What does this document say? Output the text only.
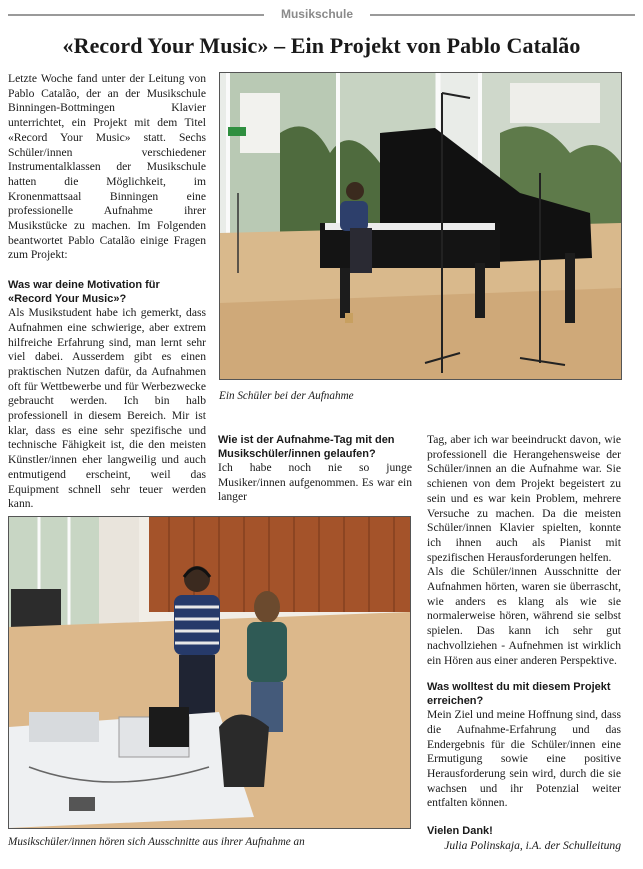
Musikschule
«Record Your Music» – Ein Projekt von Pablo Catalão

Letzte Woche fand unter der Leitung von Pablo Catalão, der an der Musikschule Binningen-Bottmingen Klavier unterrichtet, ein Projekt mit dem Titel «Record Your Music» statt. Sechs Schüler/innen verschiedener Instrumentalklassen der Musikschule hatten die Möglichkeit, im Kronenmattsaal Binningen eine professionelle Aufnahme ihrer Musikstücke zu machen. Im Folgenden beantwortet Pablo Catalão einige Fragen zum Projekt:

Was war deine Motivation für «Record Your Music»?

Als Musikstudent habe ich gemerkt, dass Aufnahmen eine schwierige, aber extrem hilfreiche Erfahrung sind, man lernt sehr viel dabei. Ausserdem gibt es einen praktischen Nutzen dafür, da Aufnahmen oft für Wettbewerbe und für Werbezwecke gebraucht werden. Ich bin halb professionell in diesem Bereich. Mir ist klar, dass es eine sehr spezifische und technische Fähigkeit ist, die den meisten Künstler/innen eher langweilig und auch entmutigend erscheint, weil das Equipment schnell sehr teuer werden kann.

Ein Schüler bei der Aufnahme

Wie ist der Aufnahme-Tag mit den Musikschüler/innen gelaufen?

Ich habe noch nie so junge Musiker/innen aufgenommen. Es war ein langer

Tag, aber ich war beeindruckt davon, wie professionell die Herangehensweise der Schüler/innen an die Aufnahme war. Sie schienen von dem Projekt begeistert zu sein und es war kein Problem, mehrere Versuche zu machen. Da die meisten Schüler/innen Klavier spielten, konnte ich ihnen auch als Pianist mit spezifischen Herausforderungen helfen.

Als die Schüler/innen Ausschnitte der Aufnahmen hörten, waren sie überrascht, wie anders es klang als wie sie normalerweise hören, während sie selbst spielen. Das kann ich sehr gut nachvollziehen - Aufnehmen ist wirklich ein Hören aus einer anderen Perspektive.

Was wolltest du mit diesem Projekt erreichen?

Mein Ziel und meine Hoffnung sind, dass die Aufnahme-Erfahrung und das Endergebnis für die Schüler/innen eine Ermutigung sowie eine positive Herausforderung sein wird, durch die sie wachsen und ihr Potenzial weiter entfalten können.

Vielen Dank!

Julia Polinskaja, i.A. der Schulleitung

Musikschüler/innen hören sich Ausschnitte aus ihrer Aufnahme an
